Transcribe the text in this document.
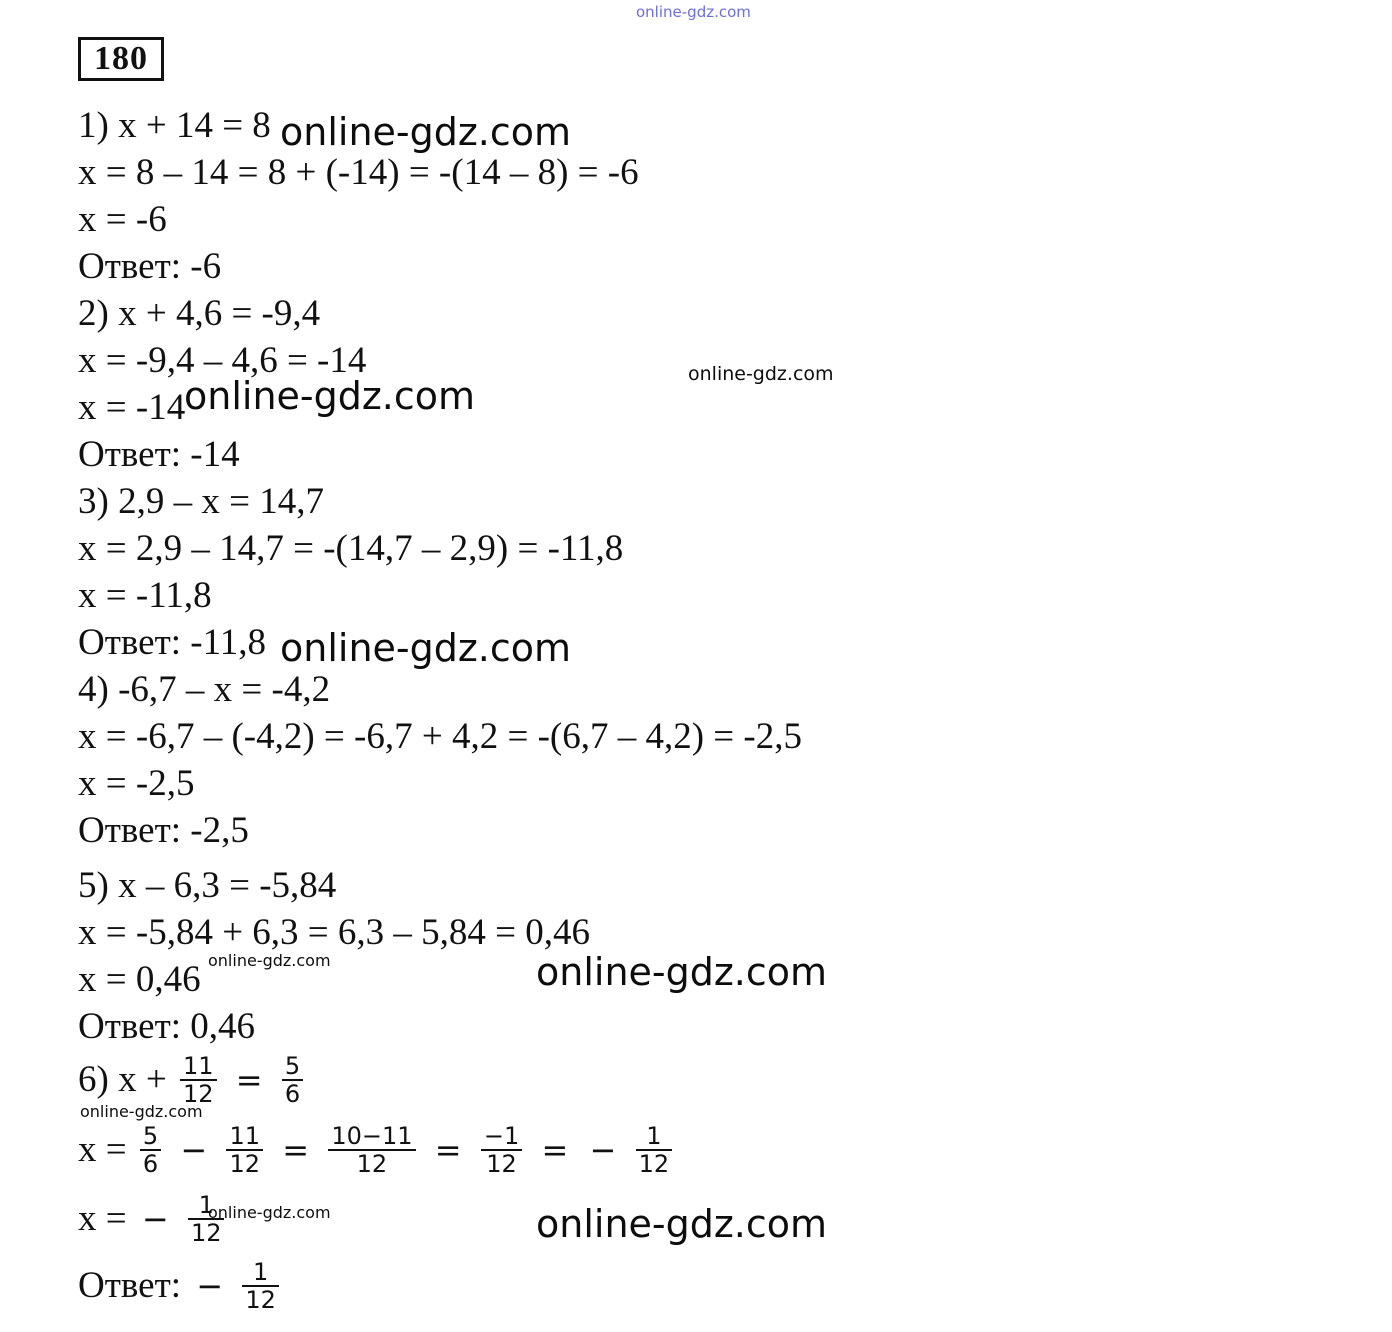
online-gdz.com
180
1) x + 14 = 8
x = 8 – 14 = 8 + (-14) = -(14 – 8) = -6
x = -6
Ответ: -6
2) x + 4,6 = -9,4
x = -9,4 – 4,6 = -14
x = -14
Ответ: -14
3) 2,9 – x = 14,7
x = 2,9 – 14,7 = -(14,7 – 2,9) = -11,8
x = -11,8
Ответ: -11,8
4) -6,7 – x = -4,2
x = -6,7 – (-4,2) = -6,7 + 4,2 = -(6,7 – 4,2) = -2,5
x = -2,5
Ответ: -2,5
5) x – 6,3 = -5,84
x = -5,84 + 6,3 = 6,3 – 5,84 = 0,46
x = 0,46
Ответ: 0,46
6) $x + \frac{11}{12} = \frac{5}{6}$
$x = \frac{5}{6} - \frac{11}{12} = \frac{10-11}{12} = \frac{-1}{12}$ = − $\frac{1}{12}$
x = − $\frac{1}{12}$
Ответ: − $\frac{1}{12}$
online-gdz.com
online-gdz.com
online-gdz.com
online-gdz.com
online-gdz.com
online-gdz.com
online-gdz.com
online-gdz.com
online-gdz.com
